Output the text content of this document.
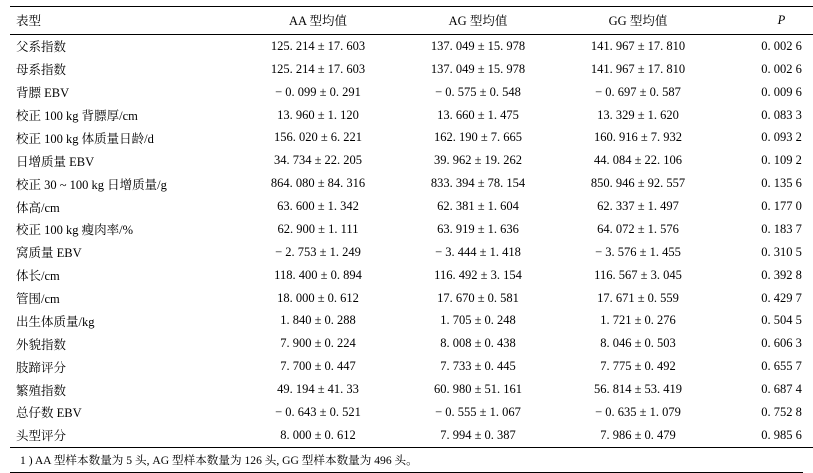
表型	AA 型均值	AG 型均值	GG 型均值	P
父系指数	125. 214 ± 17. 603	137. 049 ± 15. 978	141. 967 ± 17. 810	0. 002 6
母系指数	125. 214 ± 17. 603	137. 049 ± 15. 978	141. 967 ± 17. 810	0. 002 6
背膘 EBV	− 0. 099 ± 0. 291	− 0. 575 ± 0. 548	− 0. 697 ± 0. 587	0. 009 6
校正 100 kg 背膘厚/cm	13. 960 ± 1. 120	13. 660 ± 1. 475	13. 329 ± 1. 620	0. 083 3
校正 100 kg 体质量日龄/d	156. 020 ± 6. 221	162. 190 ± 7. 665	160. 916 ± 7. 932	0. 093 2
日增质量 EBV	34. 734 ± 22. 205	39. 962 ± 19. 262	44. 084 ± 22. 106	0. 109 2
校正 30 ~ 100 kg 日增质量/g	864. 080 ± 84. 316	833. 394 ± 78. 154	850. 946 ± 92. 557	0. 135 6
体高/cm	63. 600 ± 1. 342	62. 381 ± 1. 604	62. 337 ± 1. 497	0. 177 0
校正 100 kg 瘦肉率/%	62. 900 ± 1. 111	63. 919 ± 1. 636	64. 072 ± 1. 576	0. 183 7
窝质量 EBV	− 2. 753 ± 1. 249	− 3. 444 ± 1. 418	− 3. 576 ± 1. 455	0. 310 5
体长/cm	118. 400 ± 0. 894	116. 492 ± 3. 154	116. 567 ± 3. 045	0. 392 8
管围/cm	18. 000 ± 0. 612	17. 670 ± 0. 581	17. 671 ± 0. 559	0. 429 7
出生体质量/kg	1. 840 ± 0. 288	1. 705 ± 0. 248	1. 721 ± 0. 276	0. 504 5
外貌指数	7. 900 ± 0. 224	8. 008 ± 0. 438	8. 046 ± 0. 503	0. 606 3
肢蹄评分	7. 700 ± 0. 447	7. 733 ± 0. 445	7. 775 ± 0. 492	0. 655 7
繁殖指数	49. 194 ± 41. 33	60. 980 ± 51. 161	56. 814 ± 53. 419	0. 687 4
总仔数 EBV	− 0. 643 ± 0. 521	− 0. 555 ± 1. 067	− 0. 635 ± 1. 079	0. 752 8
头型评分	8. 000 ± 0. 612	7. 994 ± 0. 387	7. 986 ± 0. 479	0. 985 6
1 ) AA 型样本数量为 5 头, AG 型样本数量为 126 头, GG 型样本数量为 496 头。
